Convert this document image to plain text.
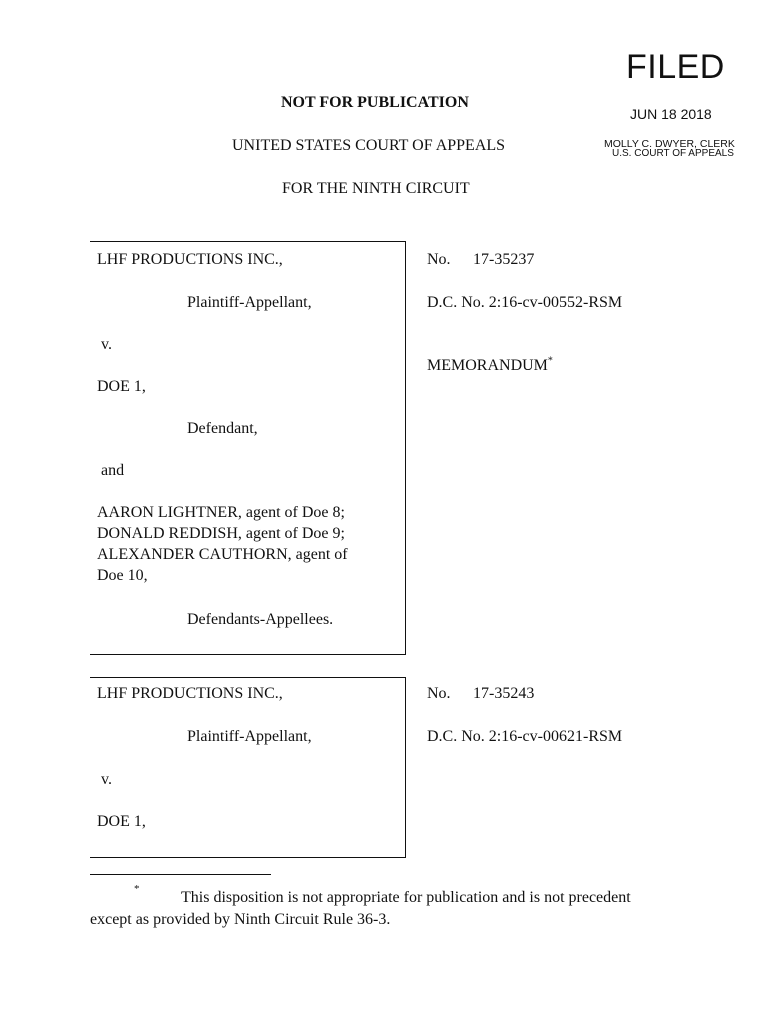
FILED
JUN 18 2018
MOLLY C. DWYER, CLERK
U.S. COURT OF APPEALS
NOT FOR PUBLICATION
UNITED STATES COURT OF APPEALS
FOR THE NINTH CIRCUIT
LHF PRODUCTIONS INC.,
Plaintiff-Appellant,
v.
DOE 1,
Defendant,
and
AARON LIGHTNER, agent of Doe 8;
DONALD REDDISH, agent of Doe 9;
ALEXANDER CAUTHORN, agent of
Doe 10,
Defendants-Appellees.
No. 17-35237
D.C. No. 2:16-cv-00552-RSM
MEMORANDUM*
LHF PRODUCTIONS INC.,
Plaintiff-Appellant,
v.
DOE 1,
No. 17-35243
D.C. No. 2:16-cv-00621-RSM
*	This disposition is not appropriate for publication and is not precedent
except as provided by Ninth Circuit Rule 36-3.
